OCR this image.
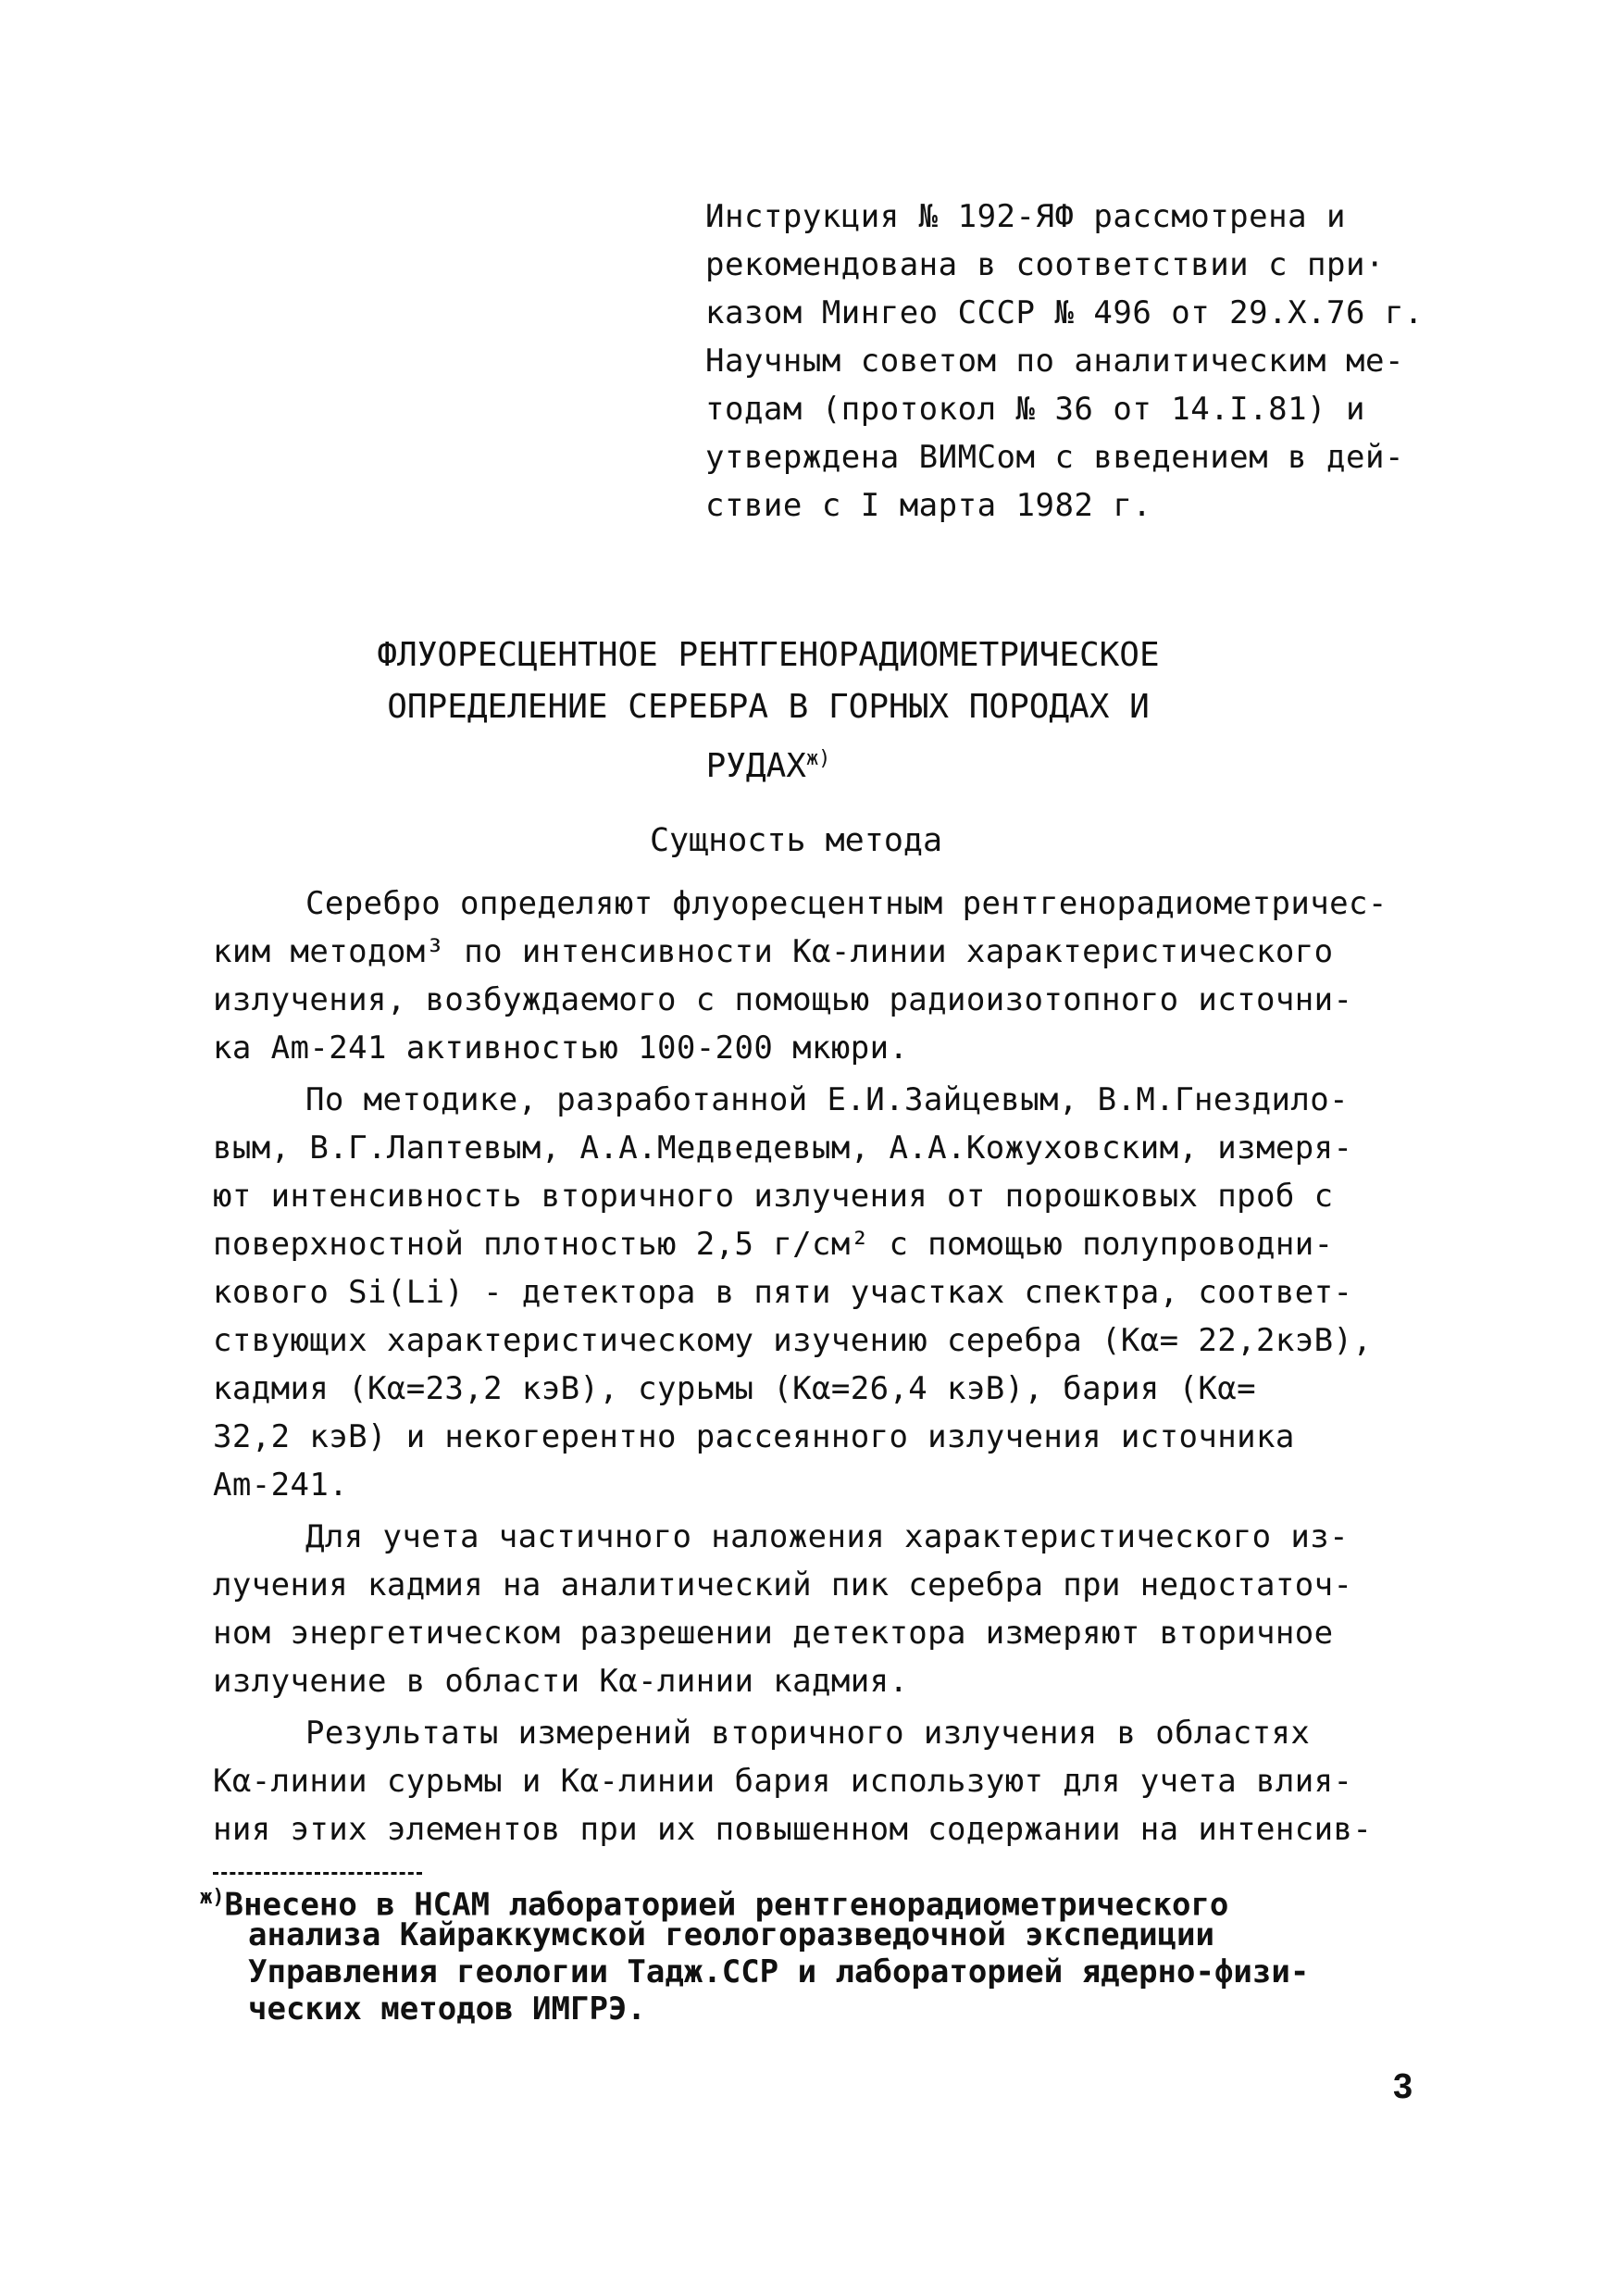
Инструкция № 192-ЯФ рассмотрена и
рекомендована в соответствии с при·
казом Мингео СССР № 496 от 29.Х.76 г.
Научным советом по аналитическим ме-
тодам (протокол № 36 от 14.I.81) и
утверждена ВИМСом с введением в дей-
ствие с I марта 1982 г.
ФЛУОРЕСЦЕНТНОЕ РЕНТГЕНОРАДИОМЕТРИЧЕСКОЕ
ОПРЕДЕЛЕНИЕ СЕРЕБРА В ГОРНЫХ ПОРОДАХ И
$РУДАХ^{ж)}$
Сущность метода
Серебро определяют флуоресцентным рентгенорадиометричес-
ким методом³ по интенсивности Kα-линии характеристического
излучения, возбуждаемого с помощью радиоизотопного источни-
ка Am-241 активностью 100-200 мкюри.
По методике, разработанной Е.И.Зайцевым, В.М.Гнездило-
вым, В.Г.Лаптевым, А.А.Медведевым, А.А.Кожуховским, измеря-
ют интенсивность вторичного излучения от порошковых проб с
поверхностной плотностью 2,5 г/см² с помощью полупроводни-
кового Si(Li) - детектора в пяти участках спектра, соответ-
ствующих характеристическому изучению серебра (Kα= 22,2кэВ),
кадмия (Kα=23,2 кэВ), сурьмы (Kα=26,4 кэВ), бария (Kα=
32,2 кэВ) и некогерентно рассеянного излучения источника
Am-241.
Для учета частичного наложения характеристического из-
лучения кадмия на аналитический пик серебра при недостаточ-
ном энергетическом разрешении детектора измеряют вторичное
излучение в области Kα-линии кадмия.
Результаты измерений вторичного излучения в областях
Kα-линии сурьмы и Kα-линии бария используют для учета влия-
ния этих элементов при их повышенном содержании на интенсив-
$^{ж)}$Внесено в НСАМ лабораторией рентгенорадиометрического
анализа Кайраккумской геологоразведочной экспедиции
Управления геологии Тадж.ССР и лабораторией ядерно-физи-
ческих методов ИМГРЭ.
3
